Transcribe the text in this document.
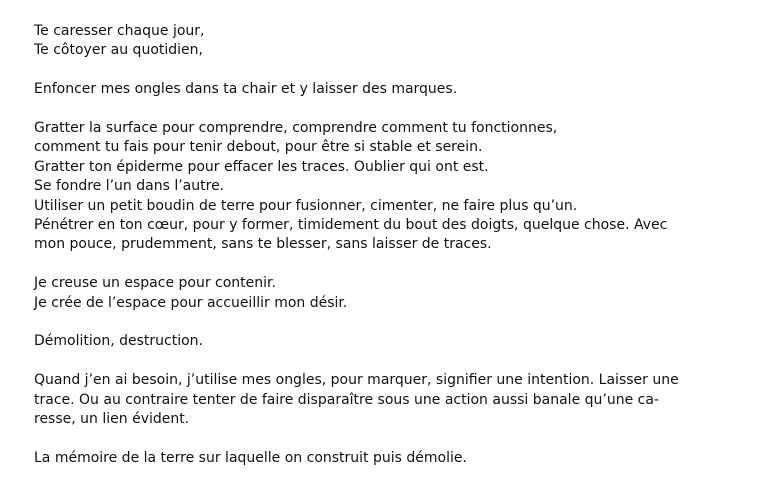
Te caresser chaque jour,
Te côtoyer au quotidien,
Enfoncer mes ongles dans ta chair et y laisser des marques.
Gratter la surface pour comprendre, comprendre comment tu fonctionnes,
comment tu fais pour tenir debout, pour être si stable et serein.
Gratter ton épiderme pour effacer les traces. Oublier qui ont est.
Se fondre l’un dans l’autre.
Utiliser un petit boudin de terre pour fusionner, cimenter, ne faire plus qu’un.
Pénétrer en ton cœur, pour y former, timidement du bout des doigts, quelque chose. Avec
mon pouce, prudemment, sans te blesser, sans laisser de traces.
Je creuse un espace pour contenir.
Je crée de l’espace pour accueillir mon désir.
Démolition, destruction.
Quand j’en ai besoin, j’utilise mes ongles, pour marquer, signifier une intention. Laisser une
trace. Ou au contraire tenter de faire disparaître sous une action aussi banale qu’une ca-
resse, un lien évident.
La mémoire de la terre sur laquelle on construit puis démolie.
